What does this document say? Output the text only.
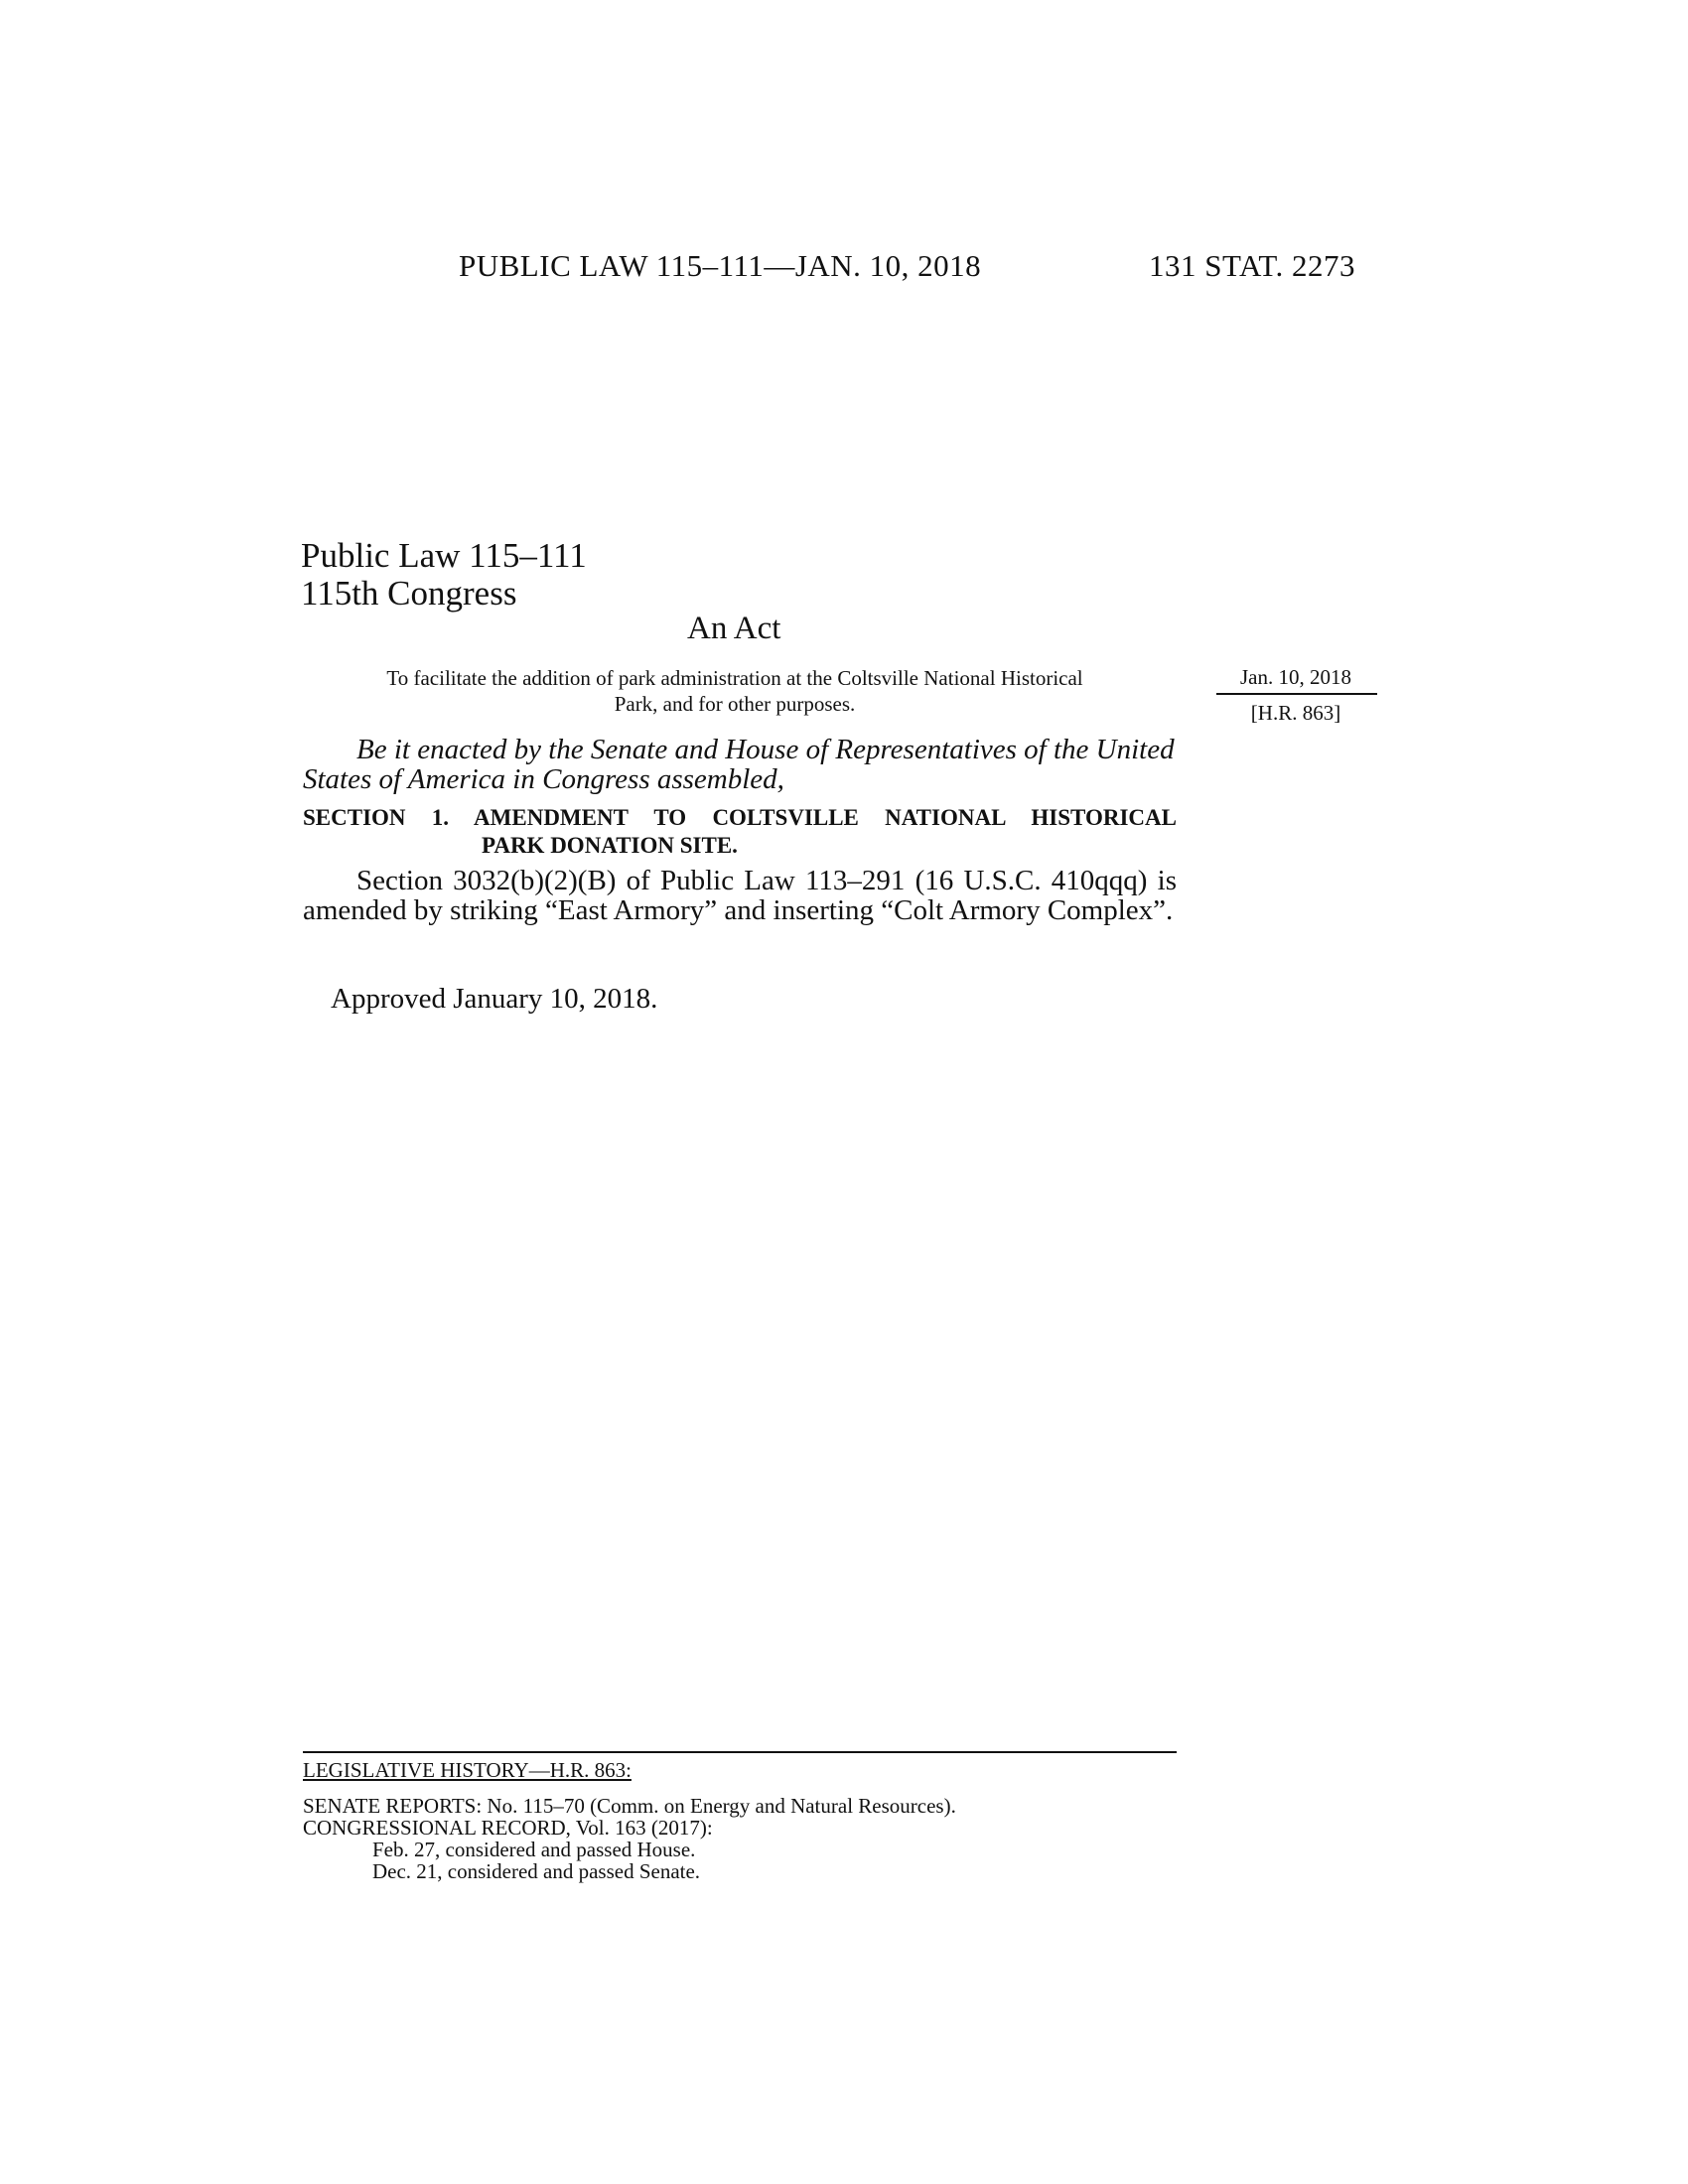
PUBLIC LAW 115–111—JAN. 10, 2018	131 STAT. 2273
Public Law 115–111
115th Congress
An Act
To facilitate the addition of park administration at the Coltsville National Historical
Park, and for other purposes.
Jan. 10, 2018
[H.R. 863]
Be it enacted by the Senate and House of Representatives of the United States of America in Congress assembled,
SECTION 1. AMENDMENT TO COLTSVILLE NATIONAL HISTORICAL
PARK DONATION SITE.
Section 3032(b)(2)(B) of Public Law 113–291 (16 U.S.C. 410qqq) is amended by striking “East Armory” and inserting “Colt Armory Complex”.
Approved January 10, 2018.
LEGISLATIVE HISTORY—H.R. 863:
SENATE REPORTS: No. 115–70 (Comm. on Energy and Natural Resources).
CONGRESSIONAL RECORD, Vol. 163 (2017):
Feb. 27, considered and passed House.
Dec. 21, considered and passed Senate.
